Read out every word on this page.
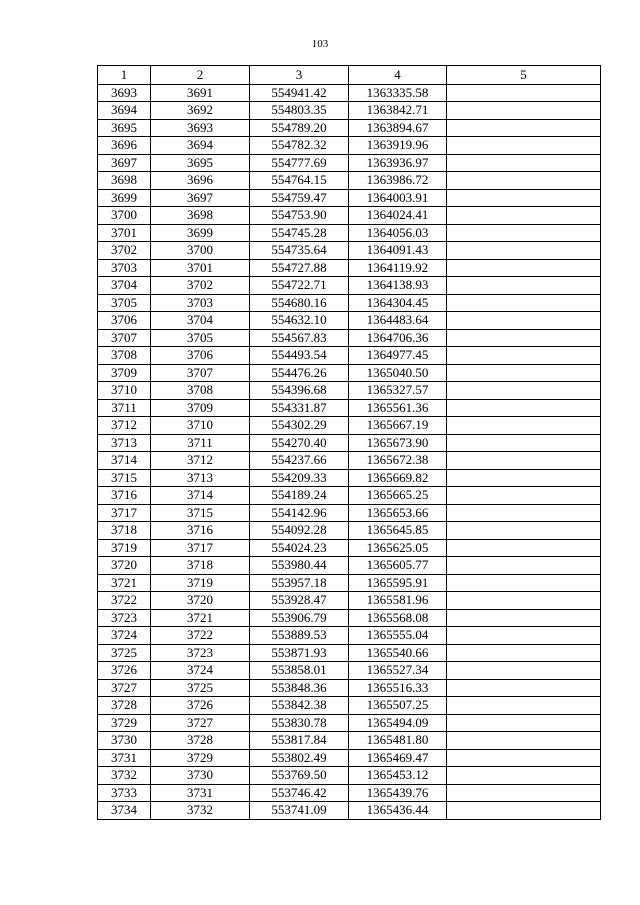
103
1	2	3	4	5
3693	3691	554941.42	1363335.58	
3694	3692	554803.35	1363842.71	
3695	3693	554789.20	1363894.67	
3696	3694	554782.32	1363919.96	
3697	3695	554777.69	1363936.97	
3698	3696	554764.15	1363986.72	
3699	3697	554759.47	1364003.91	
3700	3698	554753.90	1364024.41	
3701	3699	554745.28	1364056.03	
3702	3700	554735.64	1364091.43	
3703	3701	554727.88	1364119.92	
3704	3702	554722.71	1364138.93	
3705	3703	554680.16	1364304.45	
3706	3704	554632.10	1364483.64	
3707	3705	554567.83	1364706.36	
3708	3706	554493.54	1364977.45	
3709	3707	554476.26	1365040.50	
3710	3708	554396.68	1365327.57	
3711	3709	554331.87	1365561.36	
3712	3710	554302.29	1365667.19	
3713	3711	554270.40	1365673.90	
3714	3712	554237.66	1365672.38	
3715	3713	554209.33	1365669.82	
3716	3714	554189.24	1365665.25	
3717	3715	554142.96	1365653.66	
3718	3716	554092.28	1365645.85	
3719	3717	554024.23	1365625.05	
3720	3718	553980.44	1365605.77	
3721	3719	553957.18	1365595.91	
3722	3720	553928.47	1365581.96	
3723	3721	553906.79	1365568.08	
3724	3722	553889.53	1365555.04	
3725	3723	553871.93	1365540.66	
3726	3724	553858.01	1365527.34	
3727	3725	553848.36	1365516.33	
3728	3726	553842.38	1365507.25	
3729	3727	553830.78	1365494.09	
3730	3728	553817.84	1365481.80	
3731	3729	553802.49	1365469.47	
3732	3730	553769.50	1365453.12	
3733	3731	553746.42	1365439.76	
3734	3732	553741.09	1365436.44	
